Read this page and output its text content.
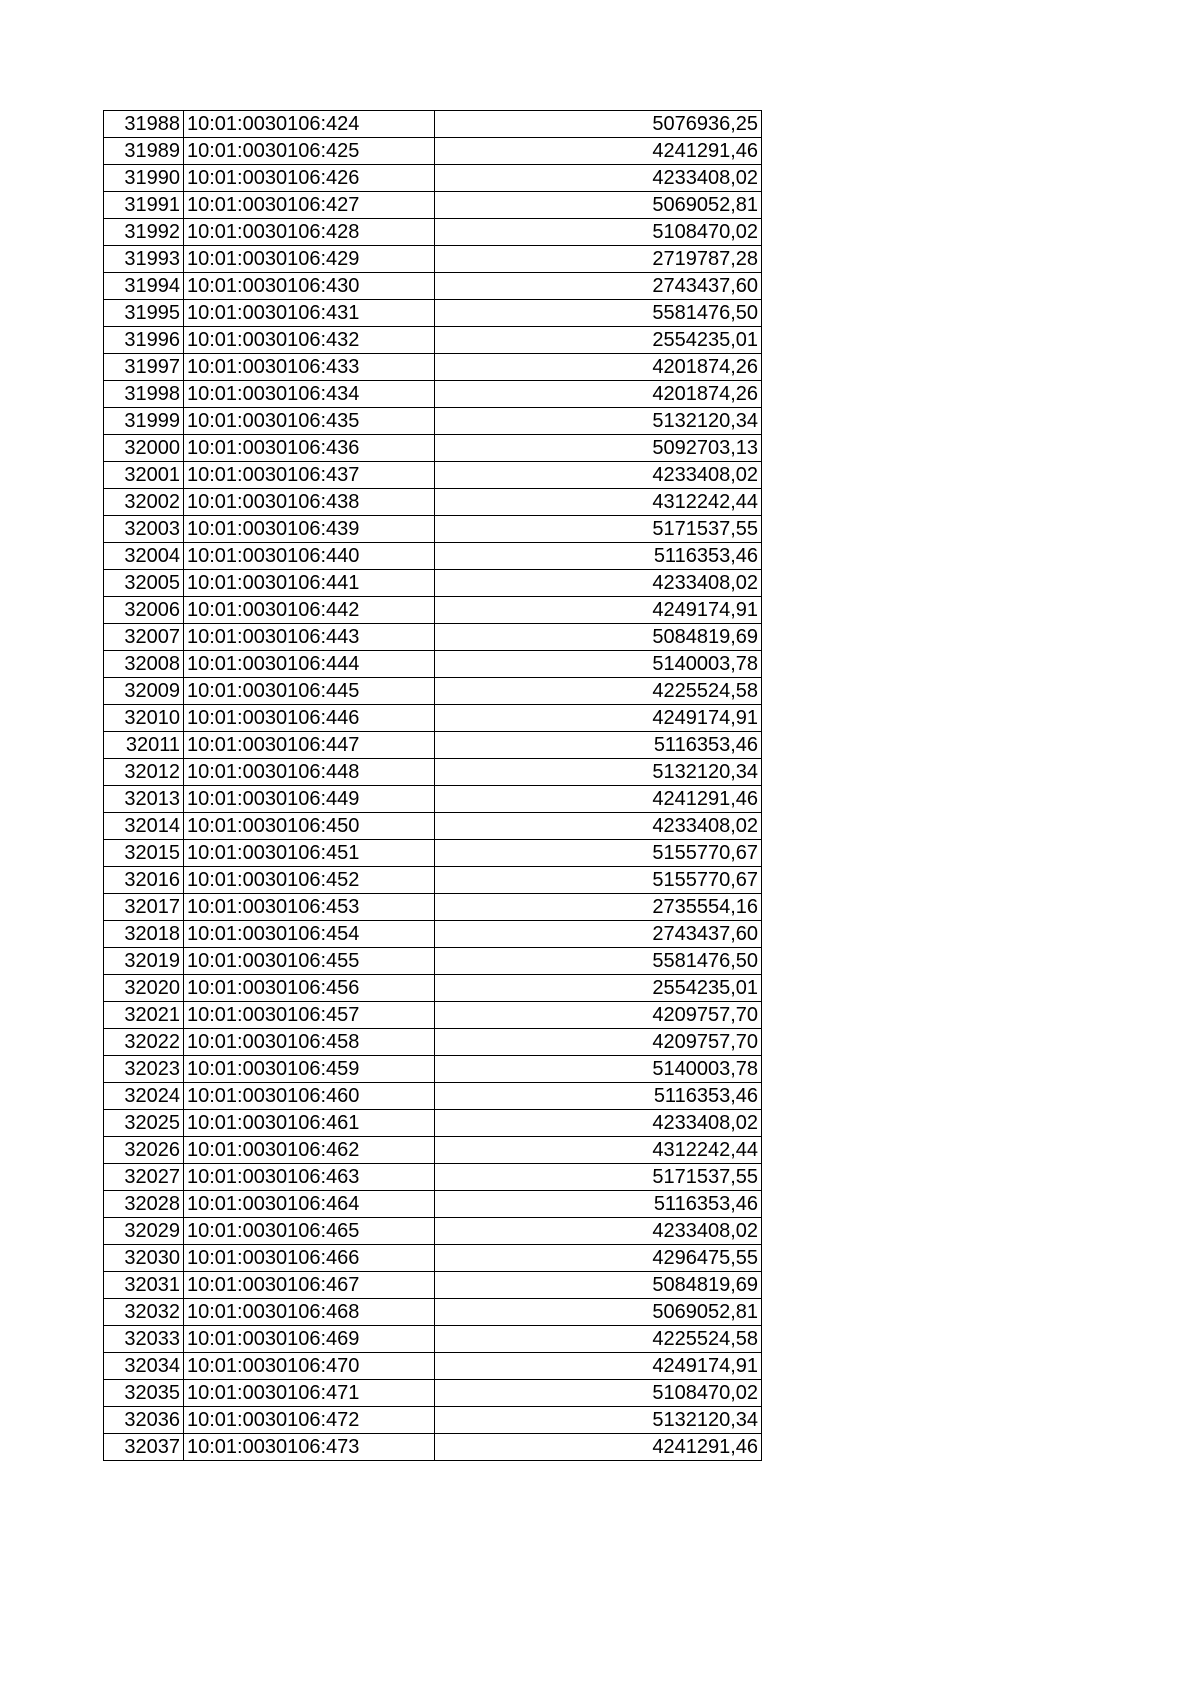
31988	10:01:0030106:424	5076936,25
31989	10:01:0030106:425	4241291,46
31990	10:01:0030106:426	4233408,02
31991	10:01:0030106:427	5069052,81
31992	10:01:0030106:428	5108470,02
31993	10:01:0030106:429	2719787,28
31994	10:01:0030106:430	2743437,60
31995	10:01:0030106:431	5581476,50
31996	10:01:0030106:432	2554235,01
31997	10:01:0030106:433	4201874,26
31998	10:01:0030106:434	4201874,26
31999	10:01:0030106:435	5132120,34
32000	10:01:0030106:436	5092703,13
32001	10:01:0030106:437	4233408,02
32002	10:01:0030106:438	4312242,44
32003	10:01:0030106:439	5171537,55
32004	10:01:0030106:440	5116353,46
32005	10:01:0030106:441	4233408,02
32006	10:01:0030106:442	4249174,91
32007	10:01:0030106:443	5084819,69
32008	10:01:0030106:444	5140003,78
32009	10:01:0030106:445	4225524,58
32010	10:01:0030106:446	4249174,91
32011	10:01:0030106:447	5116353,46
32012	10:01:0030106:448	5132120,34
32013	10:01:0030106:449	4241291,46
32014	10:01:0030106:450	4233408,02
32015	10:01:0030106:451	5155770,67
32016	10:01:0030106:452	5155770,67
32017	10:01:0030106:453	2735554,16
32018	10:01:0030106:454	2743437,60
32019	10:01:0030106:455	5581476,50
32020	10:01:0030106:456	2554235,01
32021	10:01:0030106:457	4209757,70
32022	10:01:0030106:458	4209757,70
32023	10:01:0030106:459	5140003,78
32024	10:01:0030106:460	5116353,46
32025	10:01:0030106:461	4233408,02
32026	10:01:0030106:462	4312242,44
32027	10:01:0030106:463	5171537,55
32028	10:01:0030106:464	5116353,46
32029	10:01:0030106:465	4233408,02
32030	10:01:0030106:466	4296475,55
32031	10:01:0030106:467	5084819,69
32032	10:01:0030106:468	5069052,81
32033	10:01:0030106:469	4225524,58
32034	10:01:0030106:470	4249174,91
32035	10:01:0030106:471	5108470,02
32036	10:01:0030106:472	5132120,34
32037	10:01:0030106:473	4241291,46
